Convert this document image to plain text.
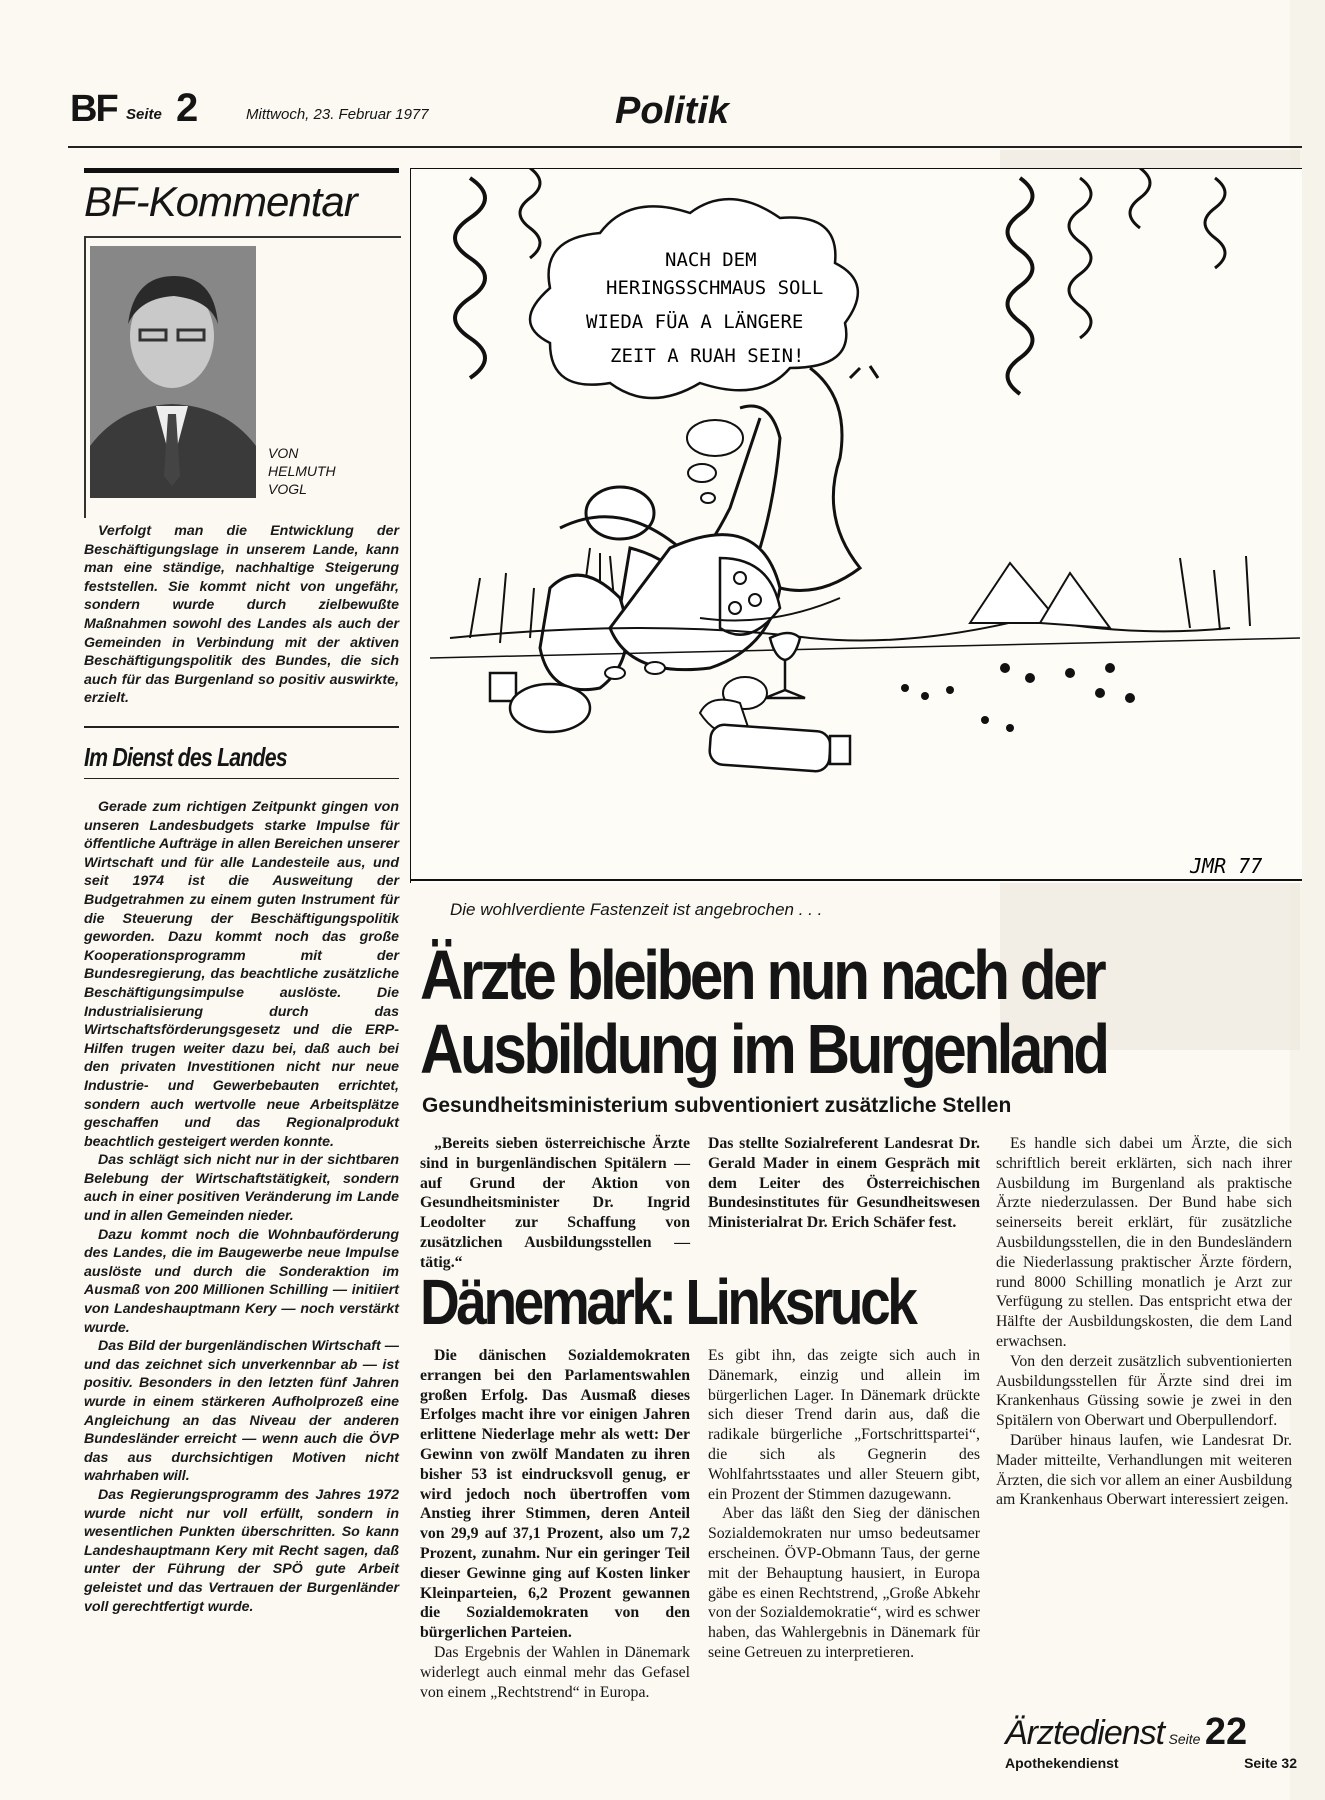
BF Seite 2	Mittwoch, 23. Februar 1977	Politik
BF-Kommentar
VON
HELMUTH
VOGL

Verfolgt man die Entwicklung der Beschäftigungslage in unserem Lande, kann man eine ständige, nachhaltige Steigerung feststellen. Sie kommt nicht von ungefähr, sondern wurde durch zielbewußte Maßnahmen sowohl des Landes als auch der Gemeinden in Verbindung mit der aktiven Beschäftigungspolitik des Bundes, die sich auch für das Burgenland so positiv auswirkte, erzielt.

Im Dienst des Landes

Gerade zum richtigen Zeitpunkt gingen von unseren Landesbudgets starke Impulse für öffentliche Aufträge in allen Bereichen unserer Wirtschaft und für alle Landesteile aus, und seit 1974 ist die Ausweitung der Budgetrahmen zu einem guten Instrument für die Steuerung der Beschäftigungspolitik geworden. Dazu kommt noch das große Kooperationsprogramm mit der Bundesregierung, das beachtliche zusätzliche Beschäftigungsimpulse auslöste. Die Industrialisierung durch das Wirtschaftsförderungsgesetz und die ERP-Hilfen trugen weiter dazu bei, daß auch bei den privaten Investitionen nicht nur neue Industrie- und Gewerbebauten errichtet, sondern auch wertvolle neue Arbeitsplätze geschaffen und das Regionalprodukt beachtlich gesteigert werden konnte.

Das schlägt sich nicht nur in der sichtbaren Belebung der Wirtschaftstätigkeit, sondern auch in einer positiven Veränderung im Lande und in allen Gemeinden nieder.

Dazu kommt noch die Wohnbauförderung des Landes, die im Baugewerbe neue Impulse auslöste und durch die Sonderaktion im Ausmaß von 200 Millionen Schilling — initiiert von Landeshauptmann Kery — noch verstärkt wurde.

Das Bild der burgenländischen Wirtschaft — und das zeichnet sich unverkennbar ab — ist positiv. Besonders in den letzten fünf Jahren wurde in einem stärkeren Aufholprozeß eine Angleichung an das Niveau der anderen Bundesländer erreicht — wenn auch die ÖVP das aus durchsichtigen Motiven nicht wahrhaben will.

Das Regierungsprogramm des Jahres 1972 wurde nicht nur voll erfüllt, sondern in wesentlichen Punkten überschritten. So kann Landeshauptmann Kery mit Recht sagen, daß unter der Führung der SPÖ gute Arbeit geleistet und das Vertrauen der Burgenländer voll gerechtfertigt wurde.

NACH DEM
HERINGSSCHMAUS SOLL
WIEDA FÜA A LÄNGERE
ZEIT A RUAH SEIN!
JMR 77
Die wohlverdiente Fastenzeit ist angebrochen . . .
Ärzte bleiben nun nach der
Ausbildung im Burgenland
Gesundheitsministerium subventioniert zusätzliche Stellen

„Bereits sieben österreichische Ärzte sind in burgenländischen Spitälern — auf Grund der Aktion von Gesundheitsminister Dr. Ingrid Leodolter zur Schaffung von zusätzlichen Ausbildungsstellen — tätig.“

Das stellte Sozialreferent Landesrat Dr. Gerald Mader in einem Gespräch mit dem Leiter des Österreichischen Bundesinstitutes für Gesundheitswesen Ministerialrat Dr. Erich Schäfer fest.

Es handle sich dabei um Ärzte, die sich schriftlich bereit erklärten, sich nach ihrer Ausbildung im Burgenland als praktische Ärzte niederzulassen. Der Bund habe sich seinerseits bereit erklärt, für zusätzliche Ausbildungsstellen, die in den Bundesländern die Niederlassung praktischer Ärzte fördern, rund 8000 Schilling monatlich je Arzt zur Verfügung zu stellen. Das entspricht etwa der Hälfte der Ausbildungskosten, die dem Land erwachsen.

Von den derzeit zusätzlich subventionierten Ausbildungsstellen für Ärzte sind drei im Krankenhaus Güssing sowie je zwei in den Spitälern von Oberwart und Oberpullendorf.

Darüber hinaus laufen, wie Landesrat Dr. Mader mitteilte, Verhandlungen mit weiteren Ärzten, die sich vor allem an einer Ausbildung am Krankenhaus Oberwart interessiert zeigen.

Dänemark: Linksruck

Die dänischen Sozialdemokraten errangen bei den Parlamentswahlen großen Erfolg. Das Ausmaß dieses Erfolges macht ihre vor einigen Jahren erlittene Niederlage mehr als wett: Der Gewinn von zwölf Mandaten zu ihren bisher 53 ist eindrucksvoll genug, er wird jedoch noch übertroffen vom Anstieg ihrer Stimmen, deren Anteil von 29,9 auf 37,1 Prozent, also um 7,2 Prozent, zunahm. Nur ein geringer Teil dieser Gewinne ging auf Kosten linker Kleinparteien, 6,2 Prozent gewannen die Sozialdemokraten von den bürgerlichen Parteien.

Das Ergebnis der Wahlen in Dänemark widerlegt auch einmal mehr das Gefasel von einem „Rechtstrend“ in Europa.

Es gibt ihn, das zeigte sich auch in Dänemark, einzig und allein im bürgerlichen Lager. In Dänemark drückte sich dieser Trend darin aus, daß die radikale bürgerliche „Fortschrittspartei“, die sich als Gegnerin des Wohlfahrtsstaates und aller Steuern gibt, ein Prozent der Stimmen dazugewann.

Aber das läßt den Sieg der dänischen Sozialdemokraten nur umso bedeutsamer erscheinen. ÖVP-Obmann Taus, der gerne mit der Behauptung hausiert, in Europa gäbe es einen Rechtstrend, „Große Abkehr von der Sozialdemokratie“, wird es schwer haben, das Wahlergebnis in Dänemark für seine Getreuen zu interpretieren.

Ärztedienst Seite 22
Apothekendienst	Seite 32
